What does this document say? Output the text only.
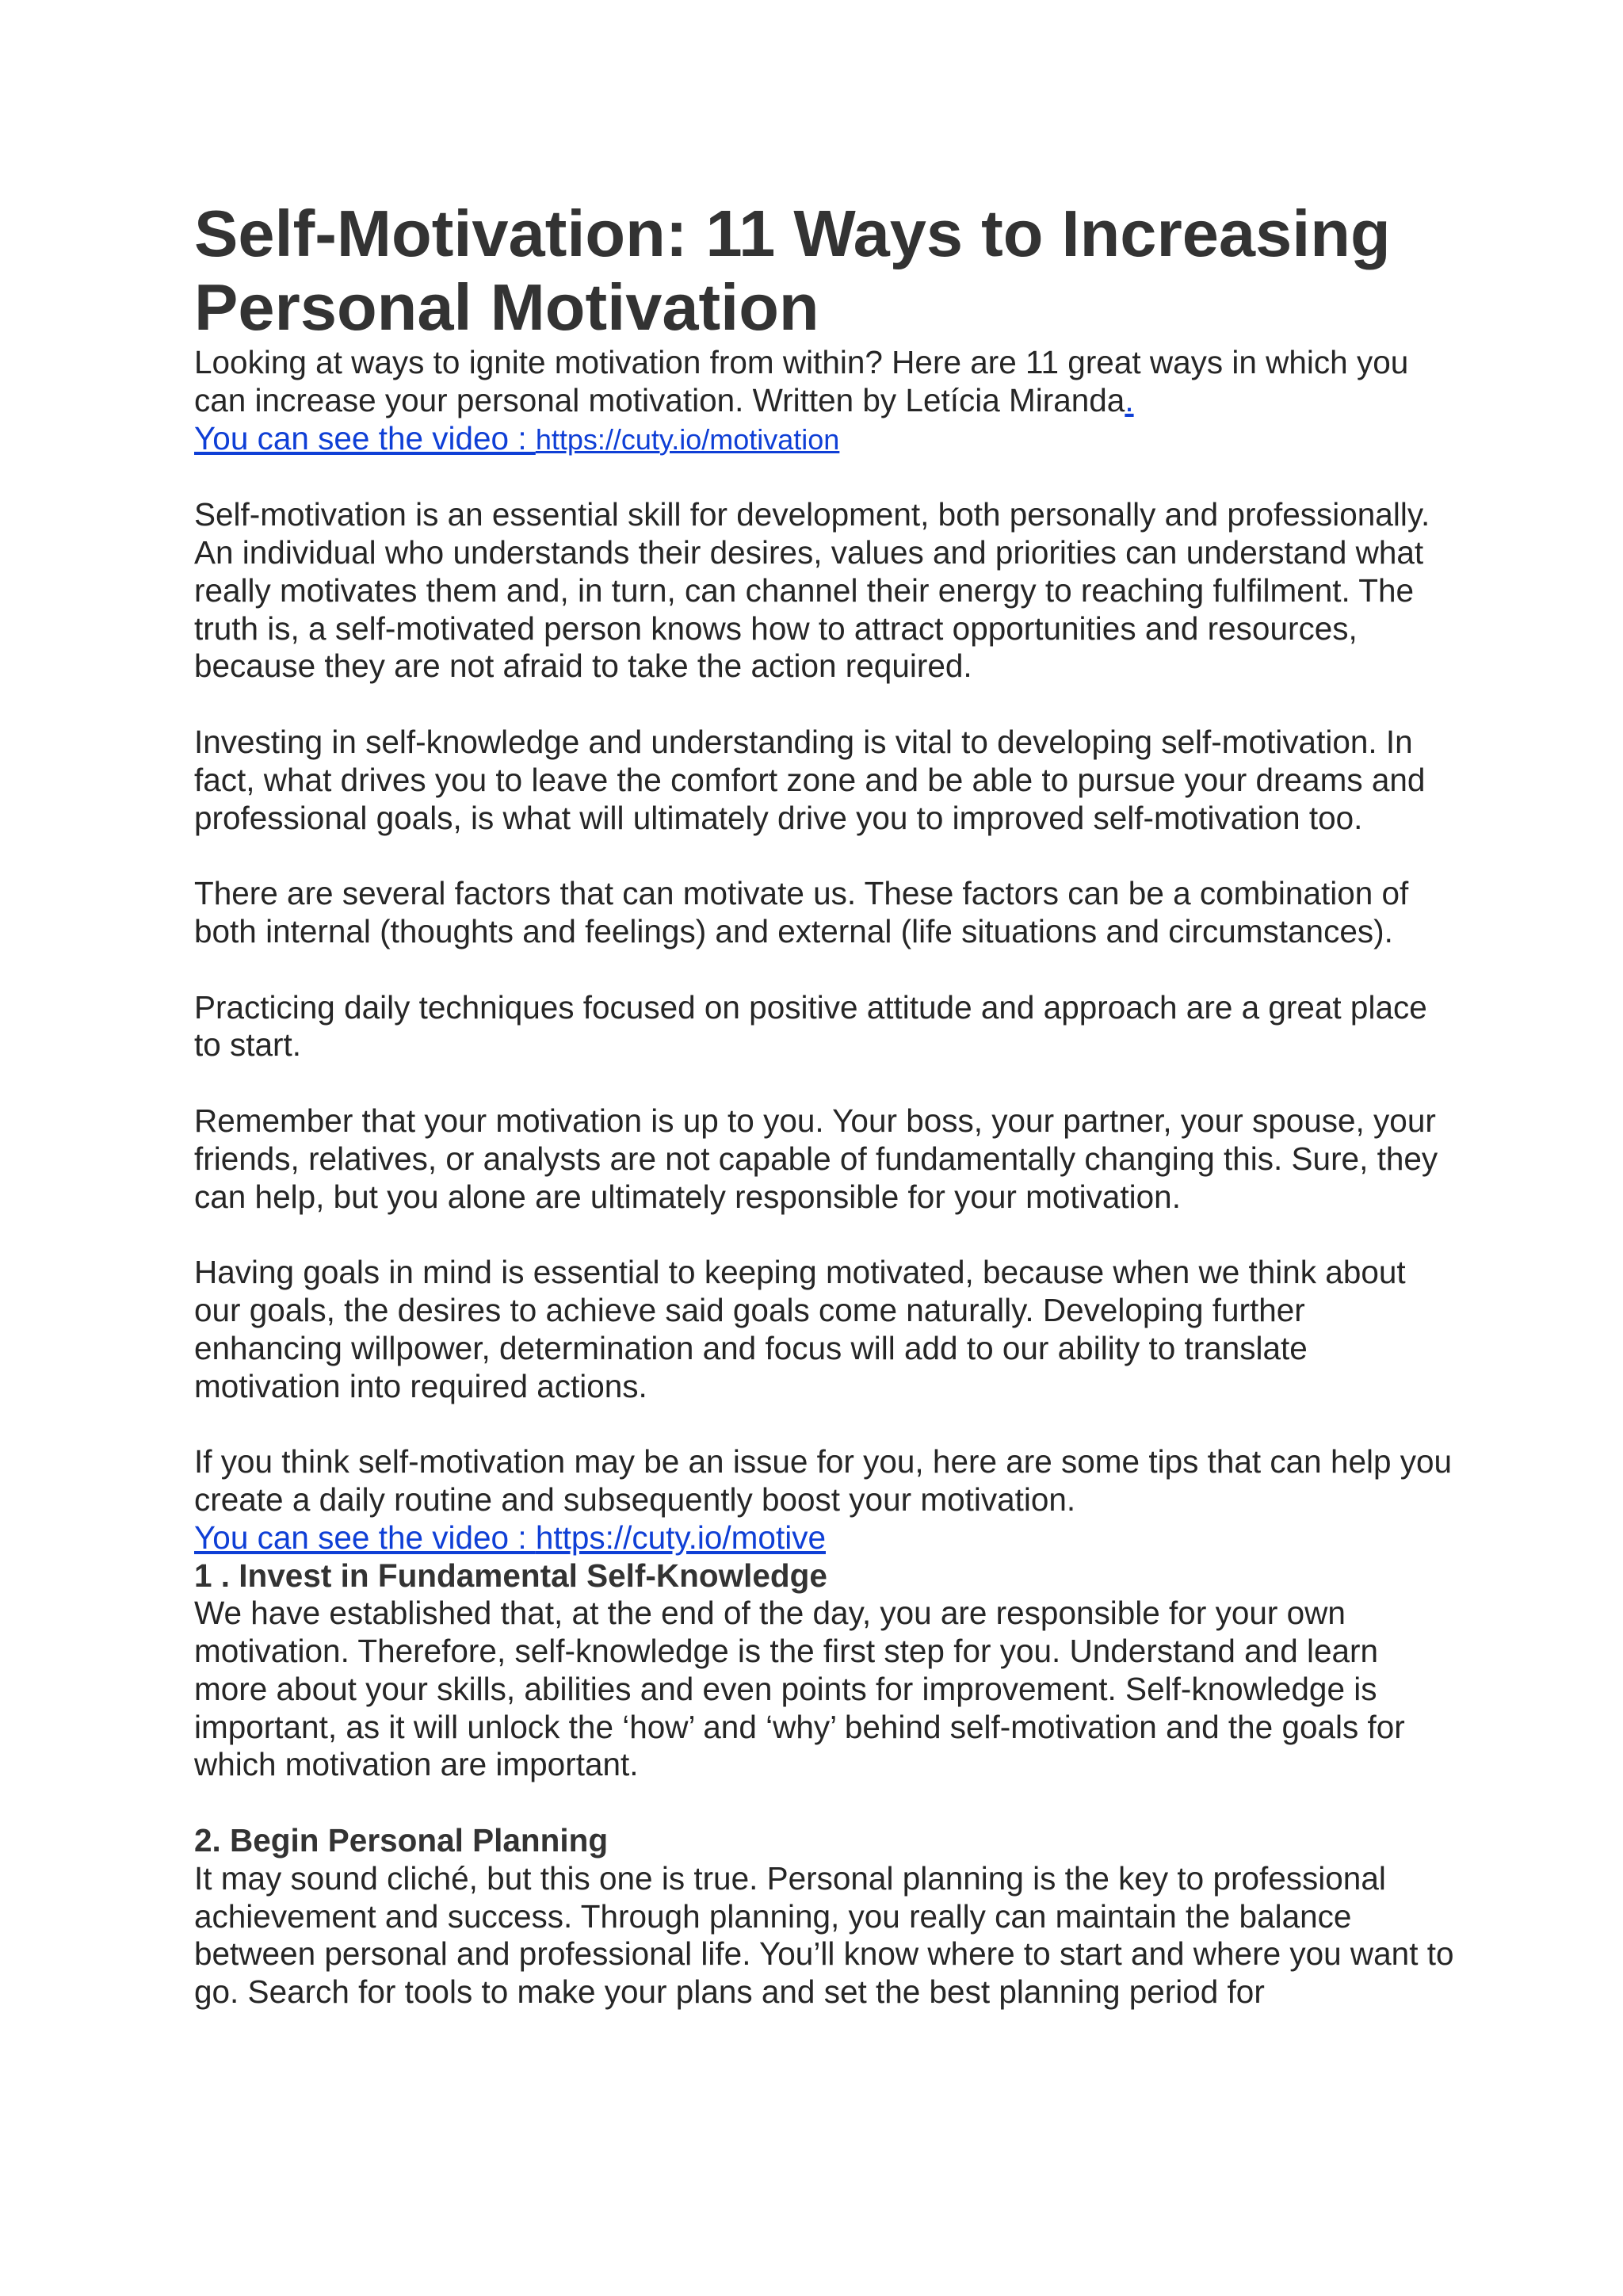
Self-Motivation: 11 Ways to Increasing Personal Motivation

Looking at ways to ignite motivation from within? Here are 11 great ways in which you can increase your personal motivation. Written by Letícia Miranda.
You can see the video : https://cuty.io/motivation

Self-motivation is an essential skill for development, both personally and professionally. An individual who understands their desires, values and priorities can understand what really motivates them and, in turn, can channel their energy to reaching fulfilment. The truth is, a self-motivated person knows how to attract opportunities and resources, because they are not afraid to take the action required.

Investing in self-knowledge and understanding is vital to developing self-motivation. In fact, what drives you to leave the comfort zone and be able to pursue your dreams and professional goals, is what will ultimately drive you to improved self-motivation too.

There are several factors that can motivate us. These factors can be a combination of both internal (thoughts and feelings) and external (life situations and circumstances).

Practicing daily techniques focused on positive attitude and approach are a great place to start.

Remember that your motivation is up to you. Your boss, your partner, your spouse, your friends, relatives, or analysts are not capable of fundamentally changing this. Sure, they can help, but you alone are ultimately responsible for your motivation.

Having goals in mind is essential to keeping motivated, because when we think about our goals, the desires to achieve said goals come naturally. Developing further enhancing willpower, determination and focus will add to our ability to translate motivation into required actions.

If you think self-motivation may be an issue for you, here are some tips that can help you create a daily routine and subsequently boost your motivation.

You can see the video : https://cuty.io/motive

1 . Invest in Fundamental Self-Knowledge

We have established that, at the end of the day, you are responsible for your own motivation. Therefore, self-knowledge is the first step for you. Understand and learn more about your skills, abilities and even points for improvement. Self-knowledge is important, as it will unlock the ‘how’ and ‘why’ behind self-motivation and the goals for which motivation are important.

2. Begin Personal Planning

It may sound cliché, but this one is true. Personal planning is the key to professional achievement and success. Through planning, you really can maintain the balance between personal and professional life. You’ll know where to start and where you want to go. Search for tools to make your plans and set the best planning period for
